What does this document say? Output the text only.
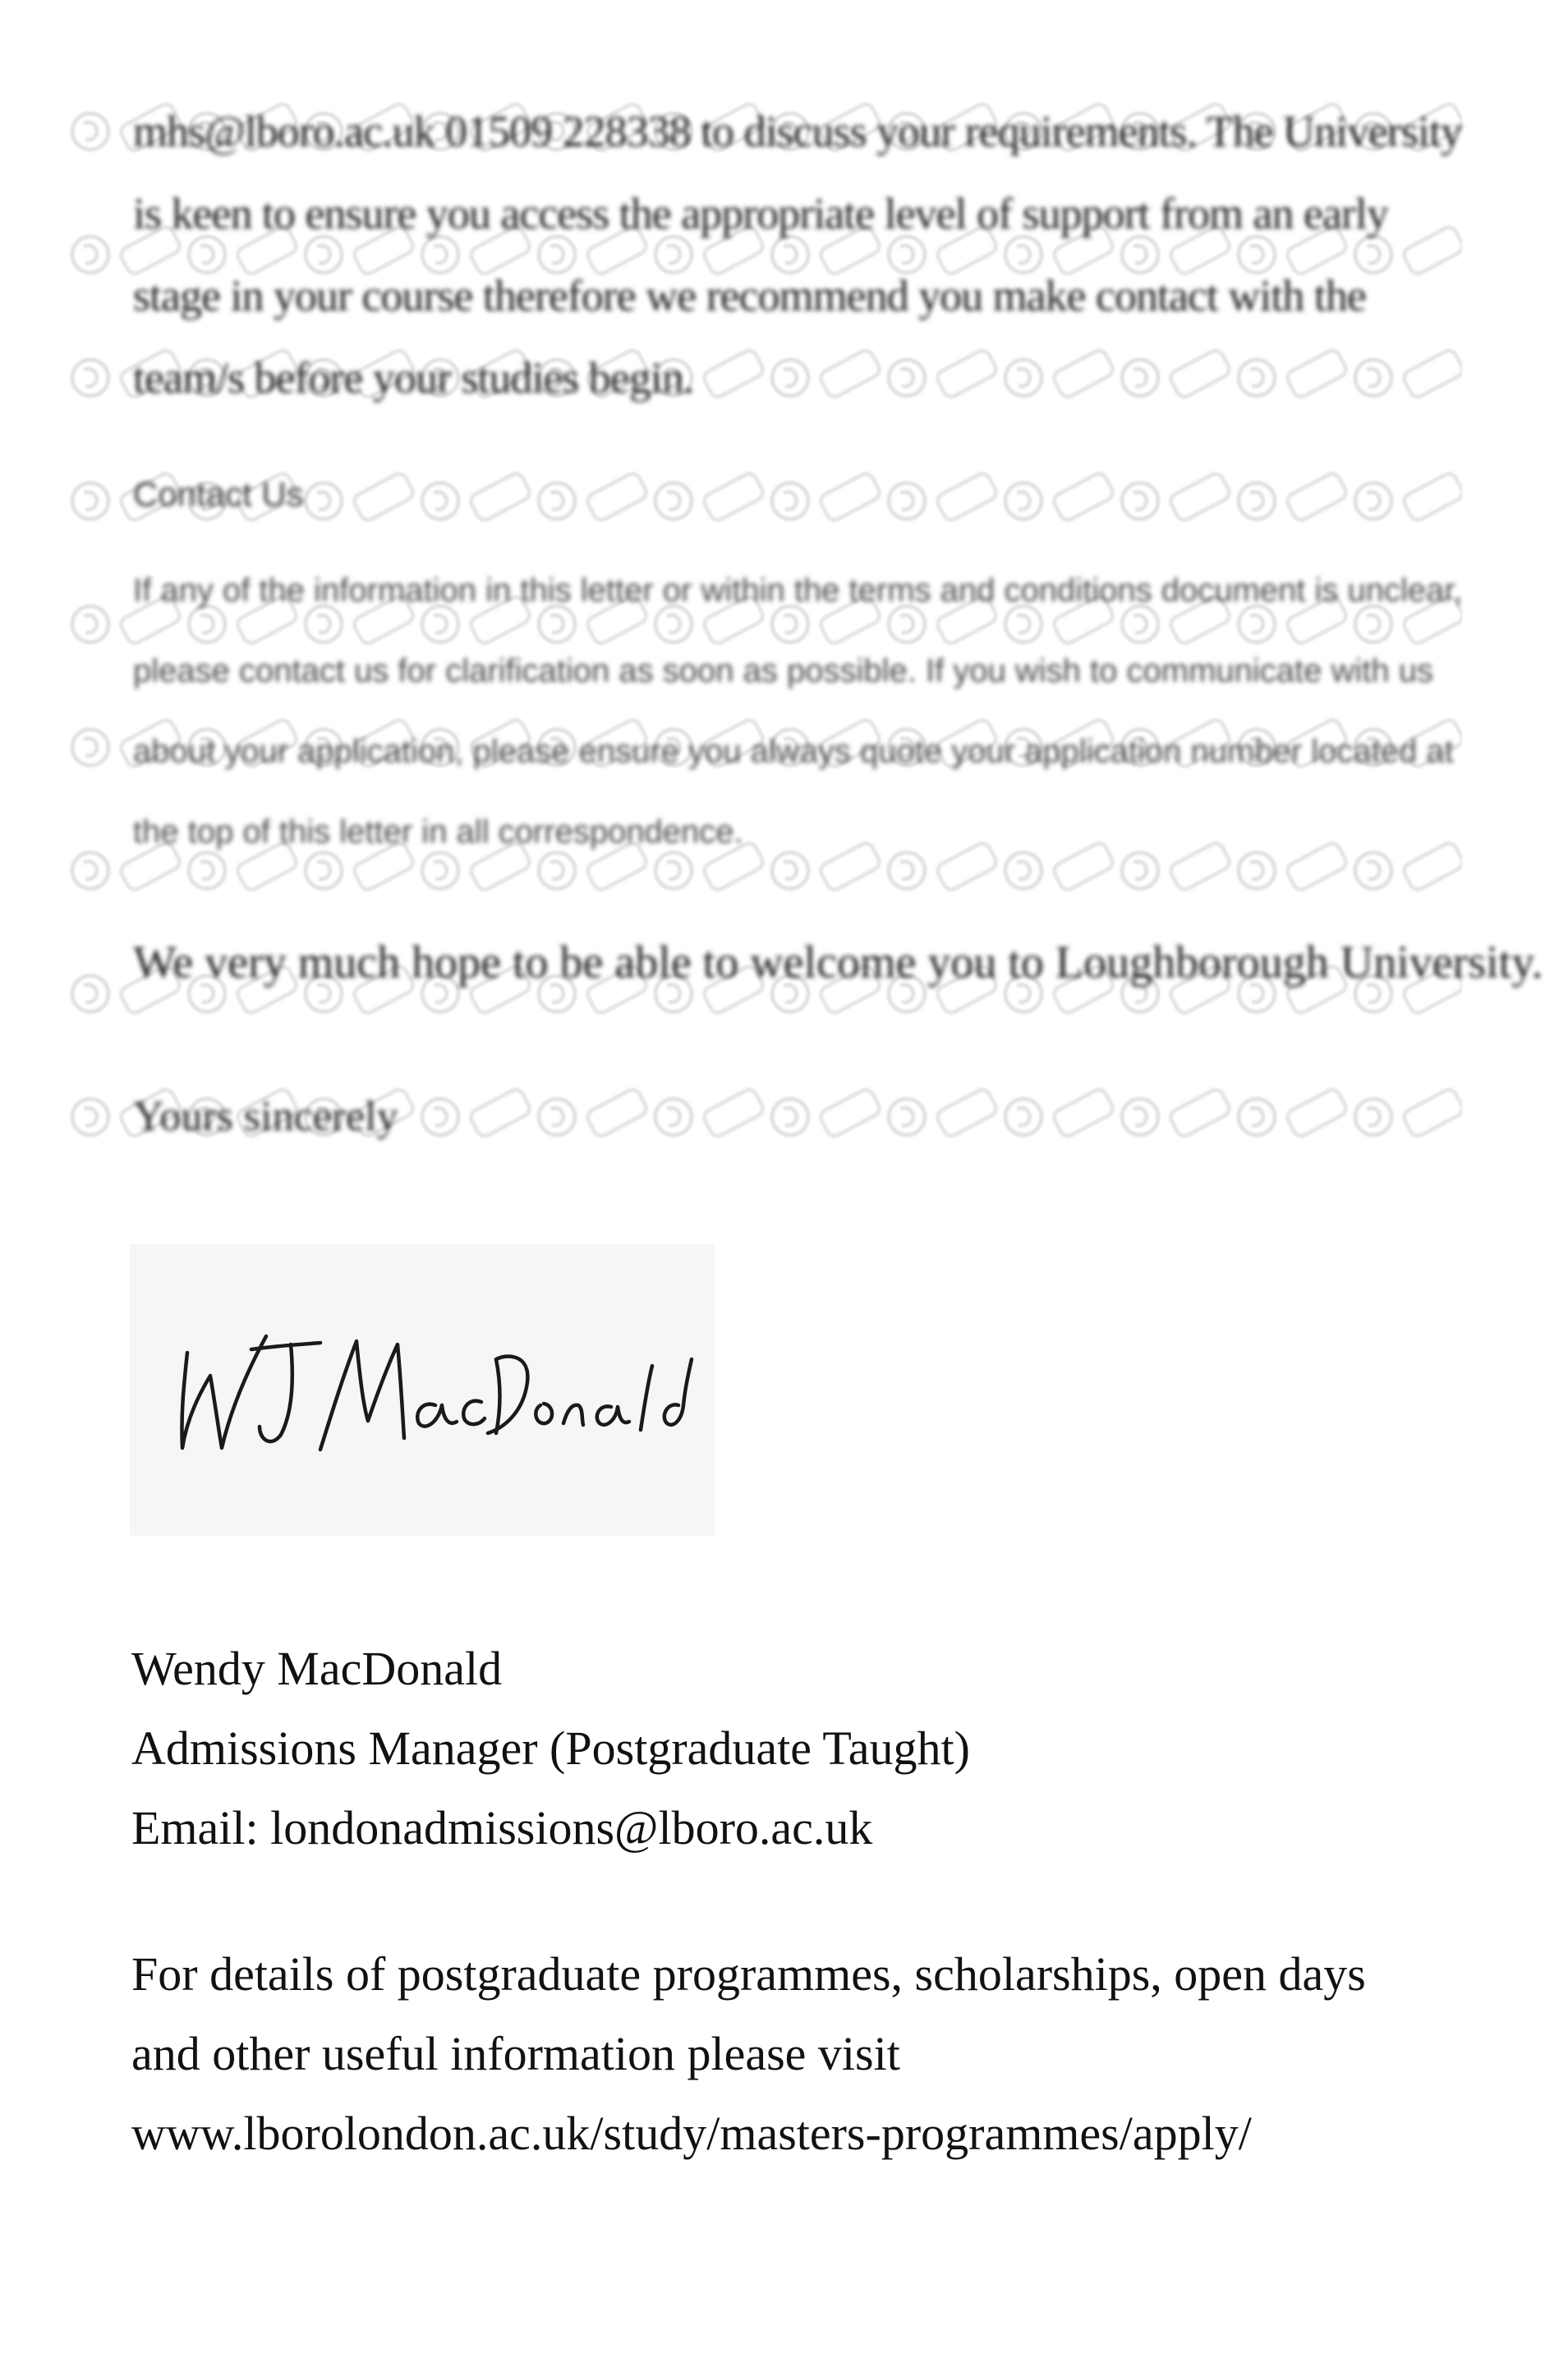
mhs@lboro.ac.uk 01509 228338 to discuss your requirements. The University is keen to ensure you access the appropriate level of support from an early stage in your course therefore we recommend you make contact with the team/s before your studies begin.
Contact Us
If any of the information in this letter or within the terms and conditions document is unclear, please contact us for clarification as soon as possible. If you wish to communicate with us about your application, please ensure you always quote your application number located at the top of this letter in all correspondence.
We very much hope to be able to welcome you to Loughborough University.
Yours sincerely
Wendy MacDonald
Admissions Manager (Postgraduate Taught)
Email: londonadmissions@lboro.ac.uk
For details of postgraduate programmes, scholarships, open days and other useful information please visit www.lborolondon.ac.uk/study/masters-programmes/apply/
